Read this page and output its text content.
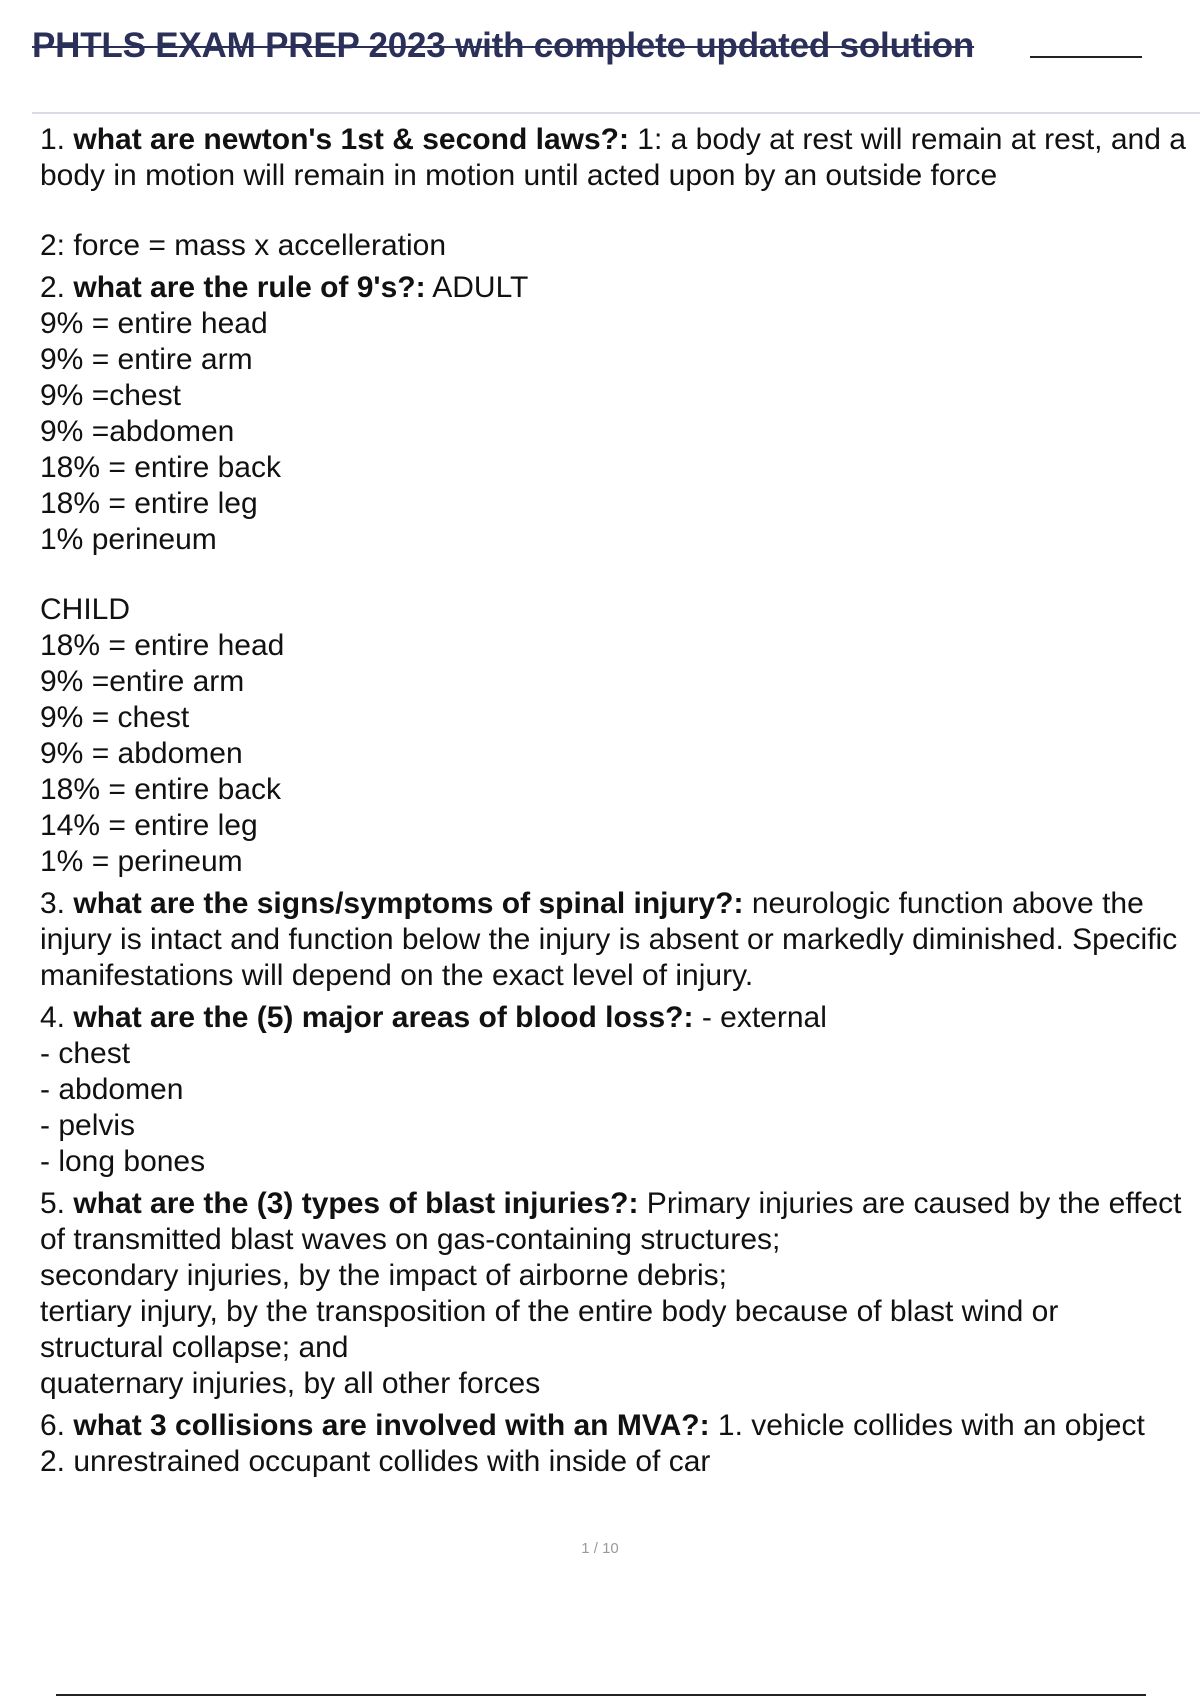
PHTLS EXAM PREP 2023 with complete updated solution
1. what are newton's 1st & second laws?: 1: a body at rest will remain at rest, and a body in motion will remain in motion until acted upon by an outside force
2: force = mass x accelleration
2. what are the rule of 9's?: ADULT
9% = entire head
9% = entire arm
9% =chest
9% =abdomen
18% = entire back
18% = entire leg
1% perineum
CHILD
18% = entire head
9% =entire arm
9% = chest
9% = abdomen
18% = entire back
14% = entire leg
1% = perineum
3. what are the signs/symptoms of spinal injury?: neurologic function above the injury is intact and function below the injury is absent or markedly diminished. Specific manifestations will depend on the exact level of injury.
4. what are the (5) major areas of blood loss?: - external
- chest
- abdomen
- pelvis
- long bones
5. what are the (3) types of blast injuries?: Primary injuries are caused by the effect of transmitted blast waves on gas-containing structures;
secondary injuries, by the impact of airborne debris;
tertiary injury, by the transposition of the entire body because of blast wind or structural collapse; and
quaternary injuries, by all other forces
6. what 3 collisions are involved with an MVA?: 1. vehicle collides with an object
2. unrestrained occupant collides with inside of car
1 / 10
